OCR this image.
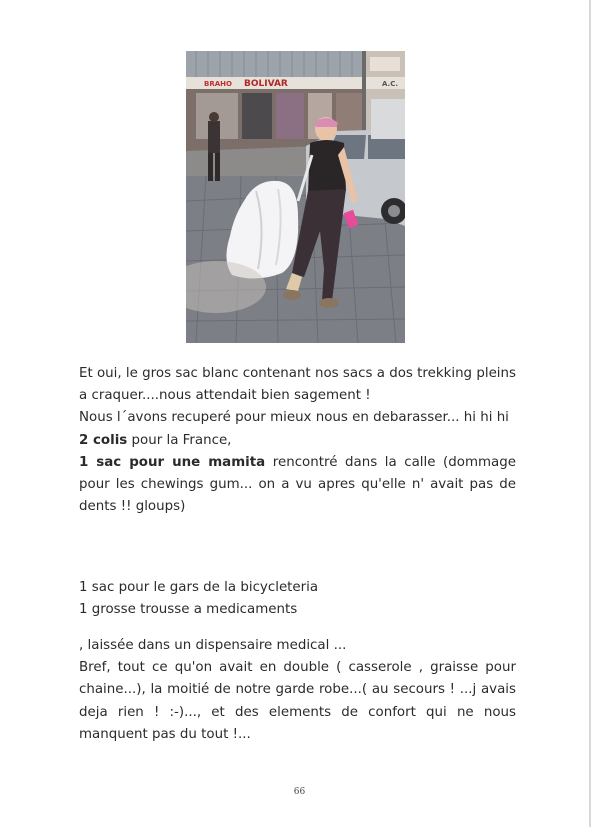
BRAHO BOLIVAR	A.C.

Et oui, le gros sac blanc contenant nos sacs a dos trekking pleins a craquer....nous attendait bien sagement !
Nous l´avons recuperé pour mieux nous en debarasser... hi hi hi

2 colis pour la France,

1 sac pour une mamita rencontré dans la calle (dommage pour les chewings gum... on a vu apres qu'elle n' avait pas de dents !! gloups)

1 sac pour le gars de la bicycleteria
1 grosse trousse a medicaments
, laissée dans un dispensaire medical ...
Bref, tout ce qu'on avait en double ( casserole , graisse pour chaine...), la moitié de notre garde robe...( au secours ! ...j avais deja rien ! :-)..., et des elements de confort qui ne nous manquent pas du tout !...
66
